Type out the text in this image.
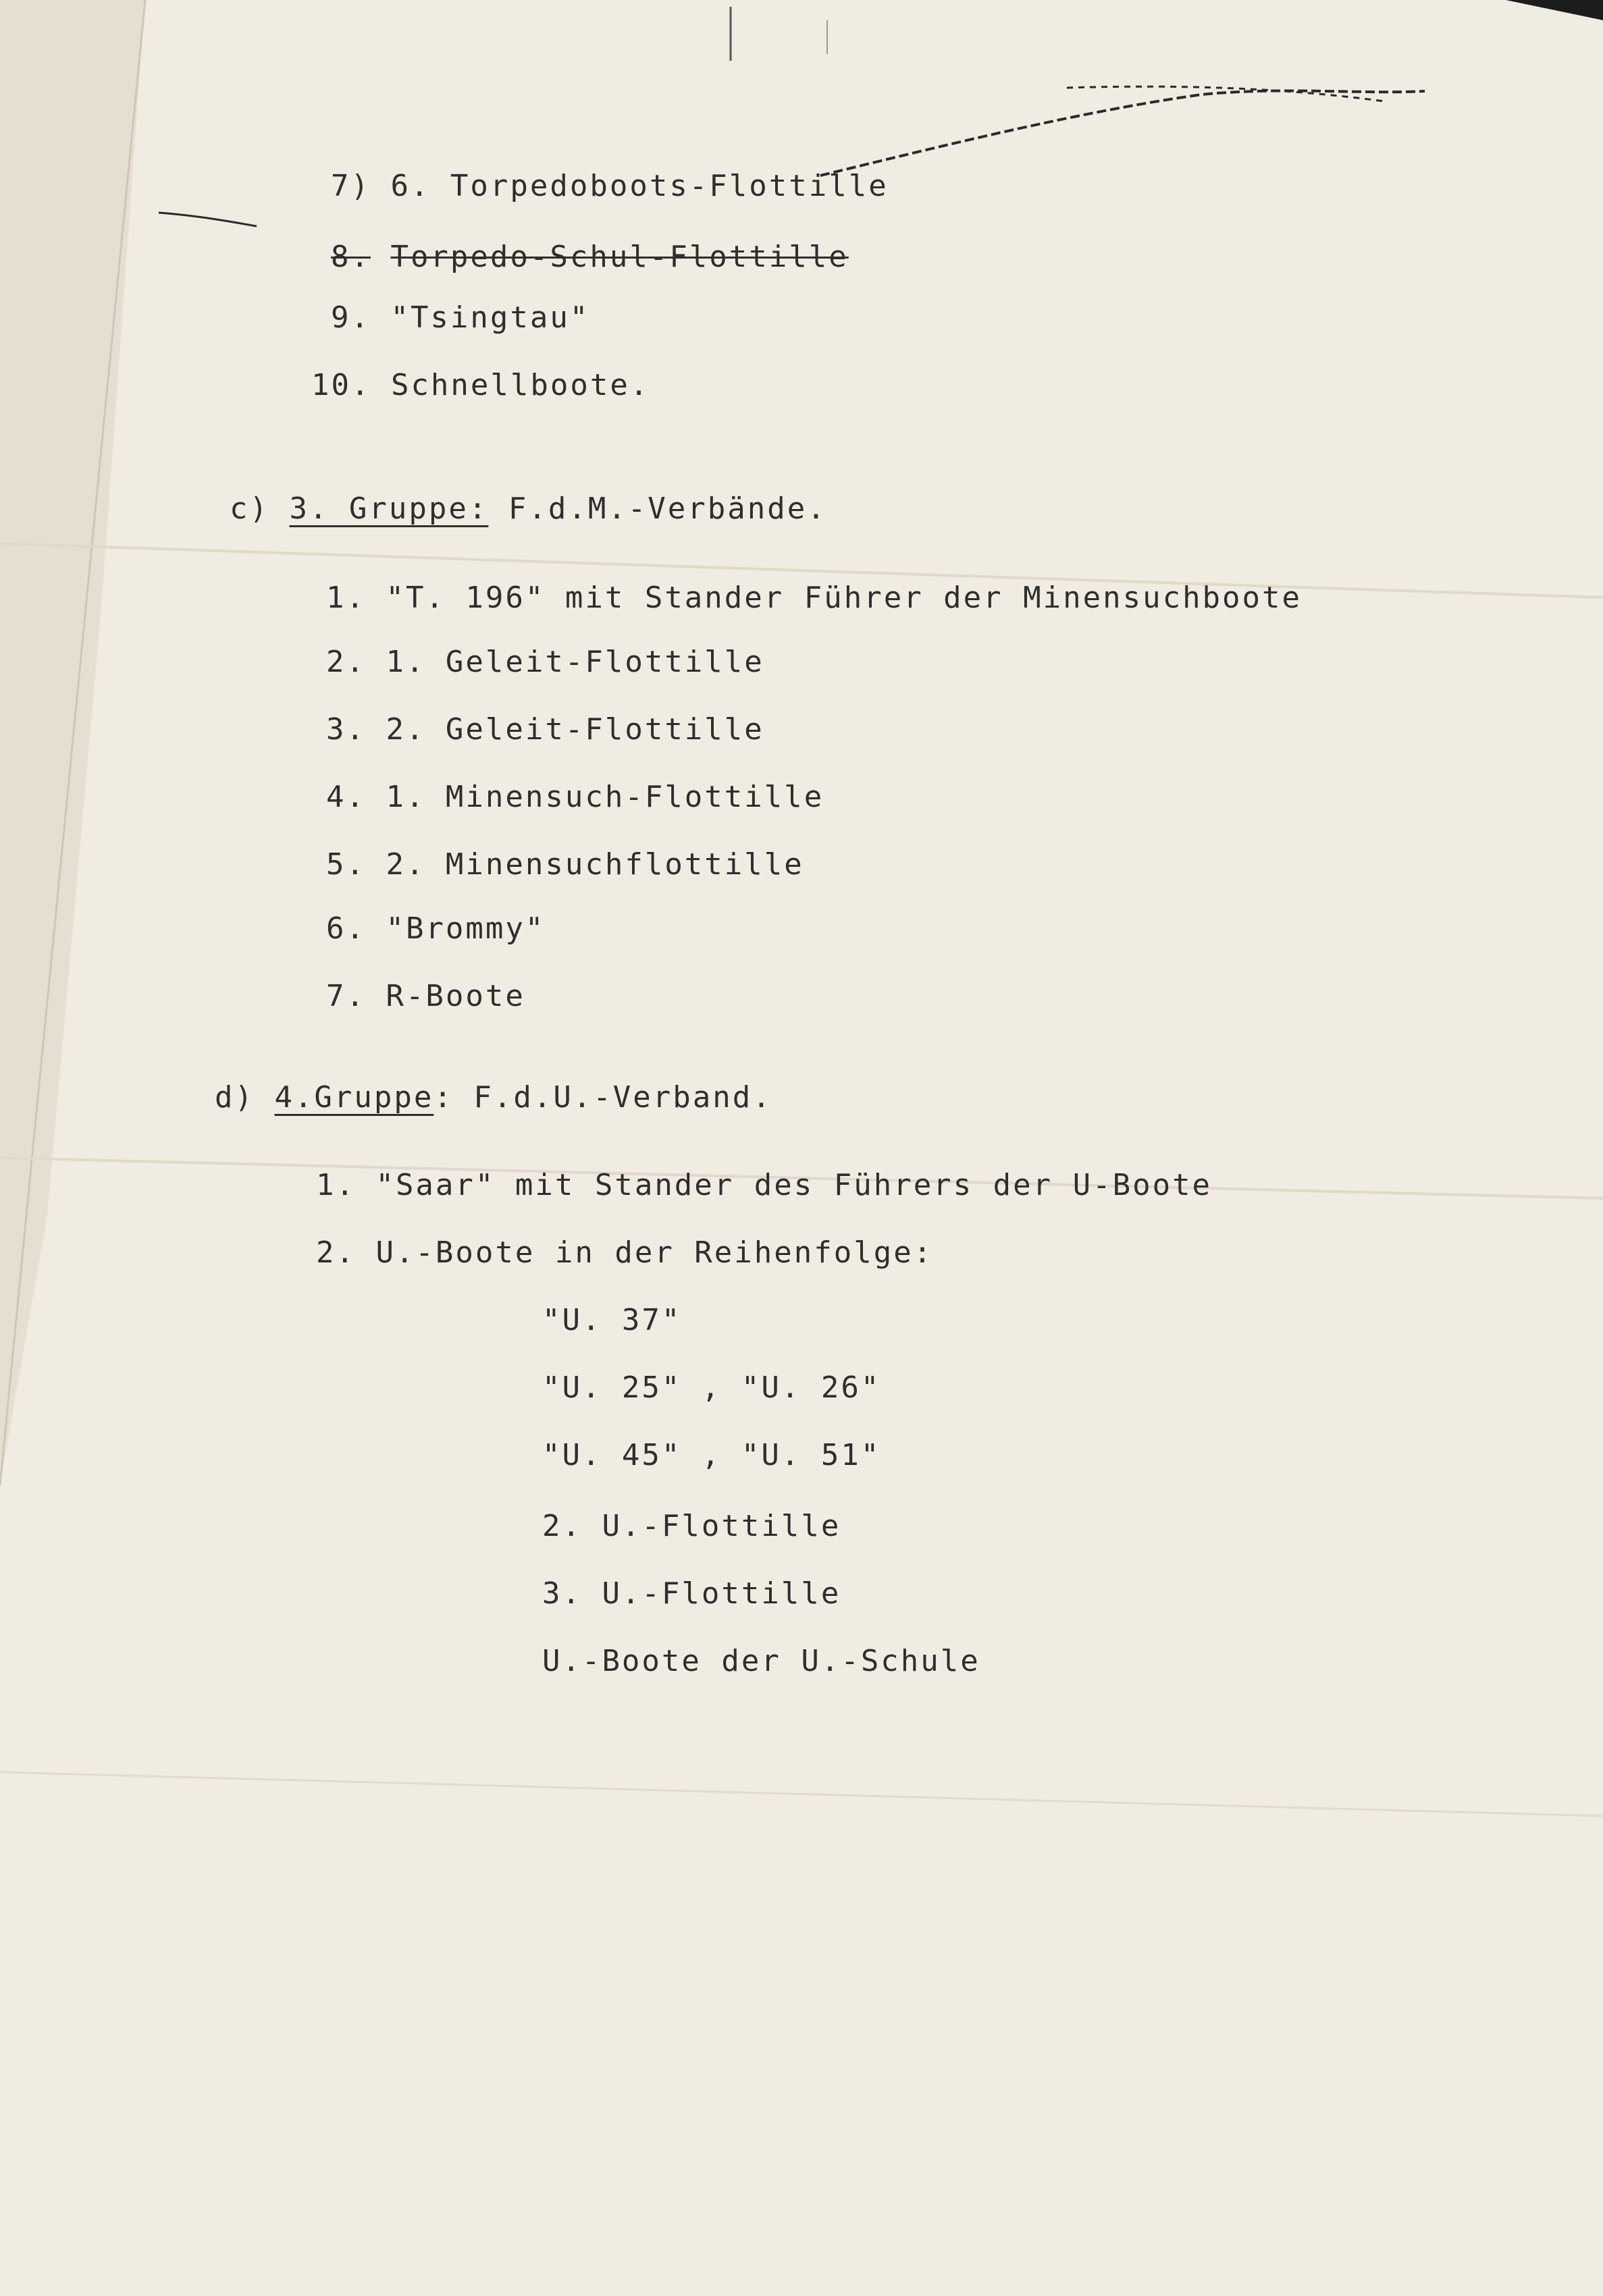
7) 6. Torpedoboots-Flottille

8. Torpedo-Schul-Flottille

9. "Tsingtau"

10. Schnellboote.

c) 3. Gruppe: F.d.M.-Verbände.

1. "T. 196" mit Stander Führer der Minensuchboote

2. 1. Geleit-Flottille

3. 2. Geleit-Flottille

4. 1. Minensuch-Flottille

5. 2. Minensuchflottille

6. "Brommy"

7. R-Boote

d) 4.Gruppe: F.d.U.-Verband.

1. "Saar" mit Stander des Führers der U-Boote

2. U.-Boote in der Reihenfolge:

"U. 37"

"U. 25" , "U. 26"

"U. 45" , "U. 51"

2. U.-Flottille

3. U.-Flottille

U.-Boote der U.-Schule
